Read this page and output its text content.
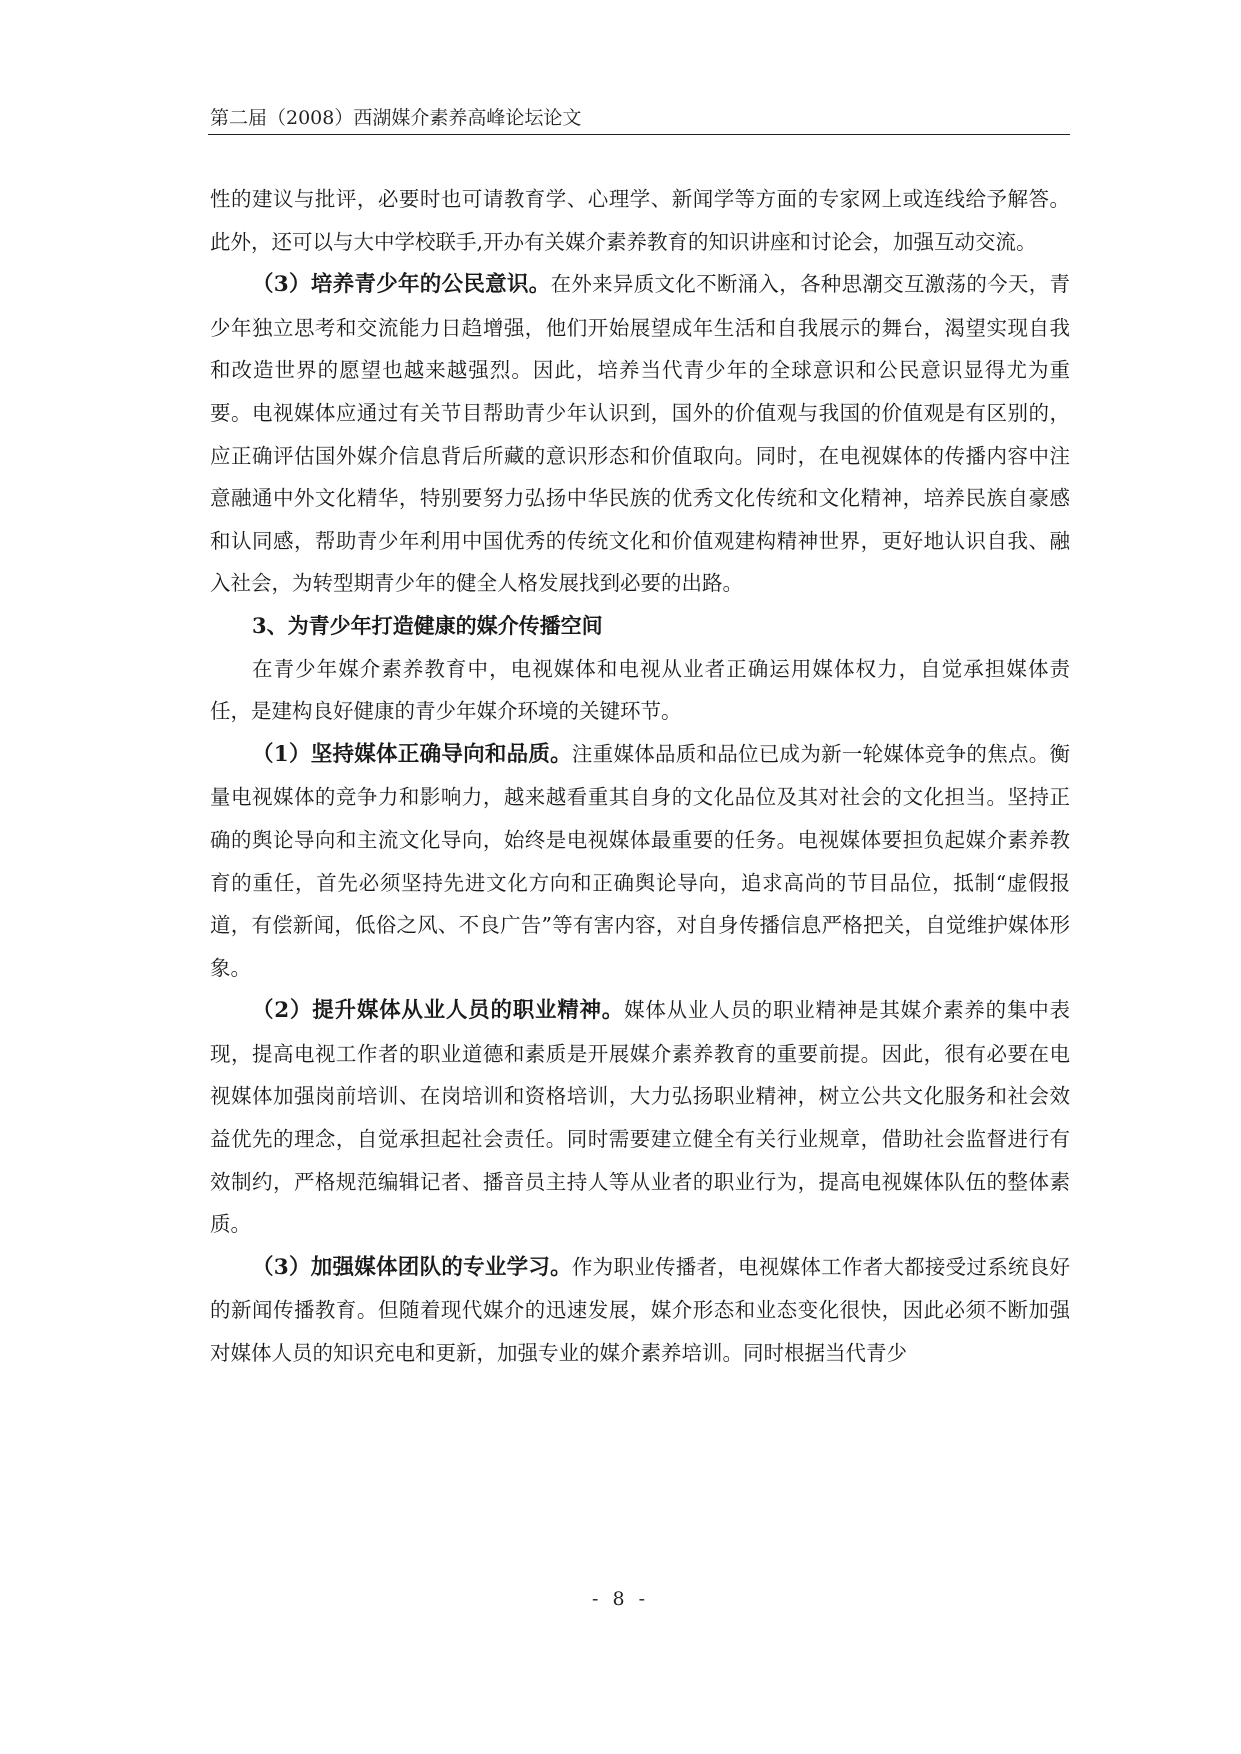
第二届（2008）西湖媒介素养高峰论坛论文

性的建议与批评，必要时也可请教育学、心理学、新闻学等方面的专家网上或连线给予解答。此外，还可以与大中学校联手,开办有关媒介素养教育的知识讲座和讨论会，加强互动交流。

（3）培养青少年的公民意识。在外来异质文化不断涌入，各种思潮交互激荡的今天，青少年独立思考和交流能力日趋增强，他们开始展望成年生活和自我展示的舞台，渴望实现自我和改造世界的愿望也越来越强烈。因此，培养当代青少年的全球意识和公民意识显得尤为重要。电视媒体应通过有关节目帮助青少年认识到，国外的价值观与我国的价值观是有区别的，应正确评估国外媒介信息背后所藏的意识形态和价值取向。同时，在电视媒体的传播内容中注意融通中外文化精华，特别要努力弘扬中华民族的优秀文化传统和文化精神，培养民族自豪感和认同感，帮助青少年利用中国优秀的传统文化和价值观建构精神世界，更好地认识自我、融入社会，为转型期青少年的健全人格发展找到必要的出路。

3、为青少年打造健康的媒介传播空间

在青少年媒介素养教育中，电视媒体和电视从业者正确运用媒体权力，自觉承担媒体责任，是建构良好健康的青少年媒介环境的关键环节。

（1）坚持媒体正确导向和品质。注重媒体品质和品位已成为新一轮媒体竞争的焦点。衡量电视媒体的竞争力和影响力，越来越看重其自身的文化品位及其对社会的文化担当。坚持正确的舆论导向和主流文化导向，始终是电视媒体最重要的任务。电视媒体要担负起媒介素养教育的重任，首先必须坚持先进文化方向和正确舆论导向，追求高尚的节目品位，抵制“虚假报道，有偿新闻，低俗之风、不良广告”等有害内容，对自身传播信息严格把关，自觉维护媒体形象。

（2）提升媒体从业人员的职业精神。媒体从业人员的职业精神是其媒介素养的集中表现，提高电视工作者的职业道德和素质是开展媒介素养教育的重要前提。因此，很有必要在电视媒体加强岗前培训、在岗培训和资格培训，大力弘扬职业精神，树立公共文化服务和社会效益优先的理念，自觉承担起社会责任。同时需要建立健全有关行业规章，借助社会监督进行有效制约，严格规范编辑记者、播音员主持人等从业者的职业行为，提高电视媒体队伍的整体素质。

（3）加强媒体团队的专业学习。作为职业传播者，电视媒体工作者大都接受过系统良好的新闻传播教育。但随着现代媒介的迅速发展，媒介形态和业态变化很快，因此必须不断加强对媒体人员的知识充电和更新，加强专业的媒介素养培训。同时根据当代青少

- 8 -
